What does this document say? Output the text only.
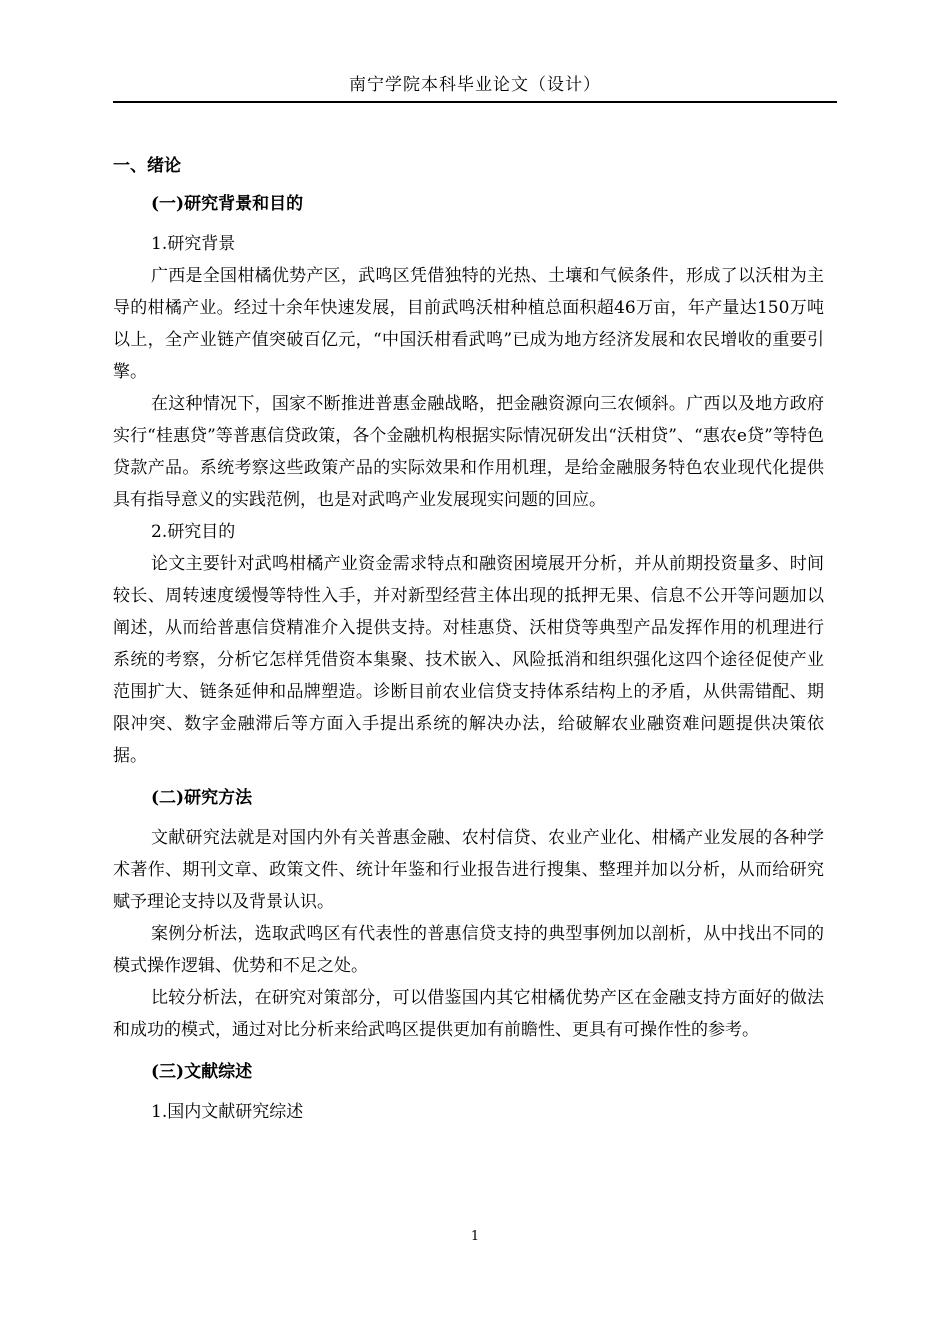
南宁学院本科毕业论文（设计）
一、绪论
(一)研究背景和目的
1.研究背景

广西是全国柑橘优势产区，武鸣区凭借独特的光热、土壤和气候条件，形成了以沃柑为主导的柑橘产业。经过十余年快速发展，目前武鸣沃柑种植总面积超46万亩，年产量达150万吨以上，全产业链产值突破百亿元，“中国沃柑看武鸣”已成为地方经济发展和农民增收的重要引擎。

在这种情况下，国家不断推进普惠金融战略，把金融资源向三农倾斜。广西以及地方政府实行“桂惠贷”等普惠信贷政策，各个金融机构根据实际情况研发出“沃柑贷”、“惠农e贷”等特色贷款产品。系统考察这些政策产品的实际效果和作用机理，是给金融服务特色农业现代化提供具有指导意义的实践范例，也是对武鸣产业发展现实问题的回应。

2.研究目的

论文主要针对武鸣柑橘产业资金需求特点和融资困境展开分析，并从前期投资量多、时间较长、周转速度缓慢等特性入手，并对新型经营主体出现的抵押无果、信息不公开等问题加以阐述，从而给普惠信贷精准介入提供支持。对桂惠贷、沃柑贷等典型产品发挥作用的机理进行系统的考察，分析它怎样凭借资本集聚、技术嵌入、风险抵消和组织强化这四个途径促使产业范围扩大、链条延伸和品牌塑造。诊断目前农业信贷支持体系结构上的矛盾，从供需错配、期限冲突、数字金融滞后等方面入手提出系统的解决办法，给破解农业融资难问题提供决策依据。

(二)研究方法

文献研究法就是对国内外有关普惠金融、农村信贷、农业产业化、柑橘产业发展的各种学术著作、期刊文章、政策文件、统计年鉴和行业报告进行搜集、整理并加以分析，从而给研究赋予理论支持以及背景认识。

案例分析法，选取武鸣区有代表性的普惠信贷支持的典型事例加以剖析，从中找出不同的模式操作逻辑、优势和不足之处。

比较分析法，在研究对策部分，可以借鉴国内其它柑橘优势产区在金融支持方面好的做法和成功的模式，通过对比分析来给武鸣区提供更加有前瞻性、更具有可操作性的参考。

(三)文献综述
1.国内文献研究综述
1
